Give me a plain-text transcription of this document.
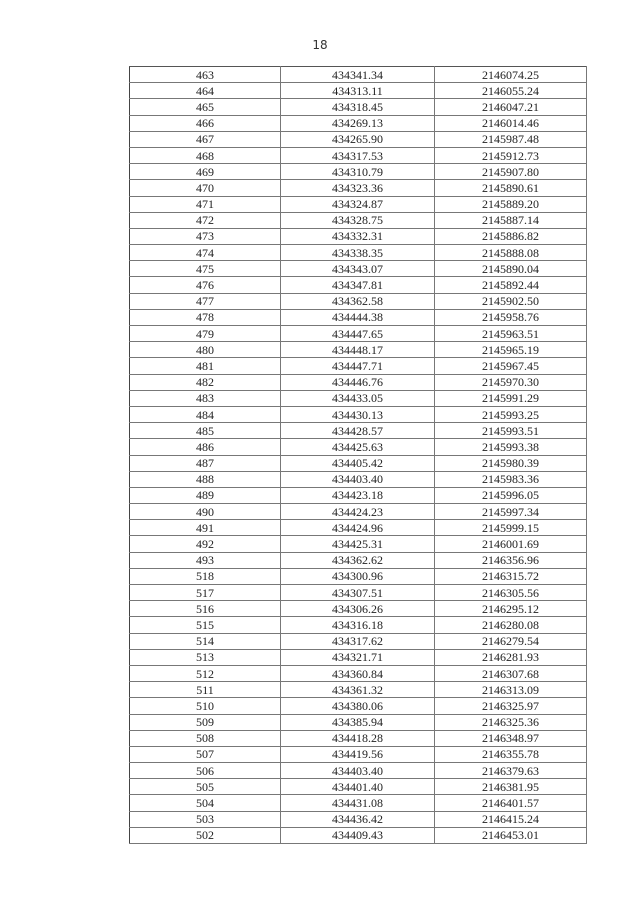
18
463	434341.34	2146074.25
464	434313.11	2146055.24
465	434318.45	2146047.21
466	434269.13	2146014.46
467	434265.90	2145987.48
468	434317.53	2145912.73
469	434310.79	2145907.80
470	434323.36	2145890.61
471	434324.87	2145889.20
472	434328.75	2145887.14
473	434332.31	2145886.82
474	434338.35	2145888.08
475	434343.07	2145890.04
476	434347.81	2145892.44
477	434362.58	2145902.50
478	434444.38	2145958.76
479	434447.65	2145963.51
480	434448.17	2145965.19
481	434447.71	2145967.45
482	434446.76	2145970.30
483	434433.05	2145991.29
484	434430.13	2145993.25
485	434428.57	2145993.51
486	434425.63	2145993.38
487	434405.42	2145980.39
488	434403.40	2145983.36
489	434423.18	2145996.05
490	434424.23	2145997.34
491	434424.96	2145999.15
492	434425.31	2146001.69
493	434362.62	2146356.96
518	434300.96	2146315.72
517	434307.51	2146305.56
516	434306.26	2146295.12
515	434316.18	2146280.08
514	434317.62	2146279.54
513	434321.71	2146281.93
512	434360.84	2146307.68
511	434361.32	2146313.09
510	434380.06	2146325.97
509	434385.94	2146325.36
508	434418.28	2146348.97
507	434419.56	2146355.78
506	434403.40	2146379.63
505	434401.40	2146381.95
504	434431.08	2146401.57
503	434436.42	2146415.24
502	434409.43	2146453.01
